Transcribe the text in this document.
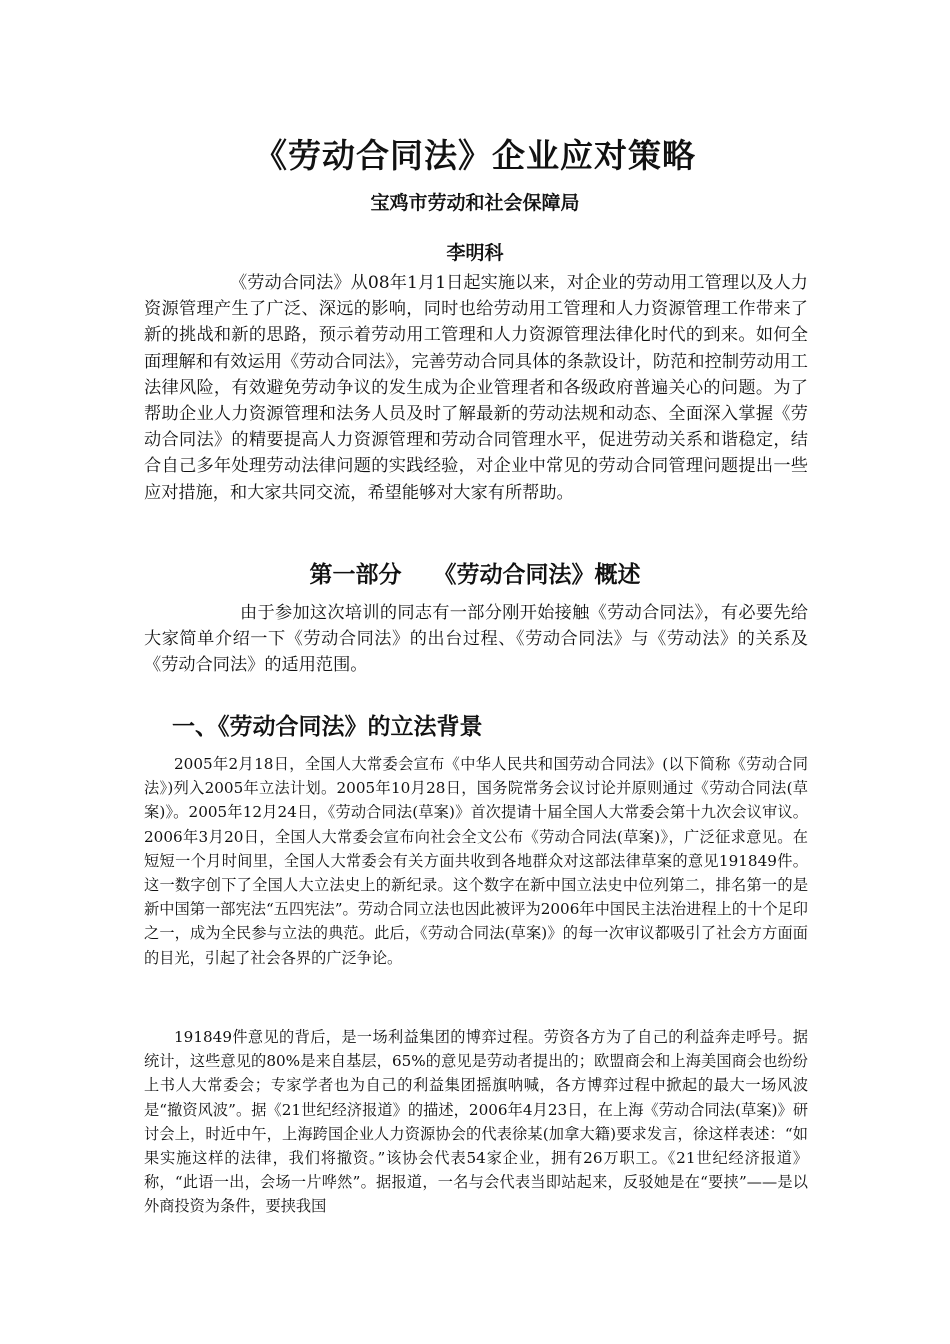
《劳动合同法》企业应对策略

宝鸡市劳动和社会保障局

李明科

《劳动合同法》从08年1月1日起实施以来，对企业的劳动用工管理以及人力资源管理产生了广泛、深远的影响，同时也给劳动用工管理和人力资源管理工作带来了新的挑战和新的思路，预示着劳动用工管理和人力资源管理法律化时代的到来。如何全面理解和有效运用《劳动合同法》，完善劳动合同具体的条款设计，防范和控制劳动用工法律风险，有效避免劳动争议的发生成为企业管理者和各级政府普遍关心的问题。为了帮助企业人力资源管理和法务人员及时了解最新的劳动法规和动态、全面深入掌握《劳动合同法》的精要提高人力资源管理和劳动合同管理水平，促进劳动关系和谐稳定，结合自己多年处理劳动法律问题的实践经验，对企业中常见的劳动合同管理问题提出一些应对措施，和大家共同交流，希望能够对大家有所帮助。

第一部分    《劳动合同法》概述

由于参加这次培训的同志有一部分刚开始接触《劳动合同法》，有必要先给大家简单介绍一下《劳动合同法》的出台过程、《劳动合同法》与《劳动法》的关系及《劳动合同法》的适用范围。

一、《劳动合同法》的立法背景

2005年2月18日，全国人大常委会宣布《中华人民共和国劳动合同法》(以下简称《劳动合同法》)列入2005年立法计划。2005年10月28日，国务院常务会议讨论并原则通过《劳动合同法(草案)》。2005年12月24日，《劳动合同法(草案)》首次提请十届全国人大常委会第十九次会议审议。2006年3月20日，全国人大常委会宣布向社会全文公布《劳动合同法(草案)》，广泛征求意见。在短短一个月时间里，全国人大常委会有关方面共收到各地群众对这部法律草案的意见191849件。这一数字创下了全国人大立法史上的新纪录。这个数字在新中国立法史中位列第二，排名第一的是新中国第一部宪法“五四宪法”。劳动合同立法也因此被评为2006年中国民主法治进程上的十个足印之一，成为全民参与立法的典范。此后，《劳动合同法(草案)》的每一次审议都吸引了社会方方面面的目光，引起了社会各界的广泛争论。

191849件意见的背后，是一场利益集团的博弈过程。劳资各方为了自己的利益奔走呼号。据统计，这些意见的80%是来自基层，65%的意见是劳动者提出的；欧盟商会和上海美国商会也纷纷上书人大常委会；专家学者也为自己的利益集团摇旗呐喊，各方博弈过程中掀起的最大一场风波是“撤资风波”。据《21世纪经济报道》的描述，2006年4月23日，在上海《劳动合同法(草案)》研讨会上，时近中午，上海跨国企业人力资源协会的代表徐某(加拿大籍)要求发言，徐这样表述：“如果实施这样的法律，我们将撤资。”该协会代表54家企业，拥有26万职工。《21世纪经济报道》称，“此语一出，会场一片哗然”。据报道，一名与会代表当即站起来，反驳她是在“要挟”——是以外商投资为条件，要挟我国
